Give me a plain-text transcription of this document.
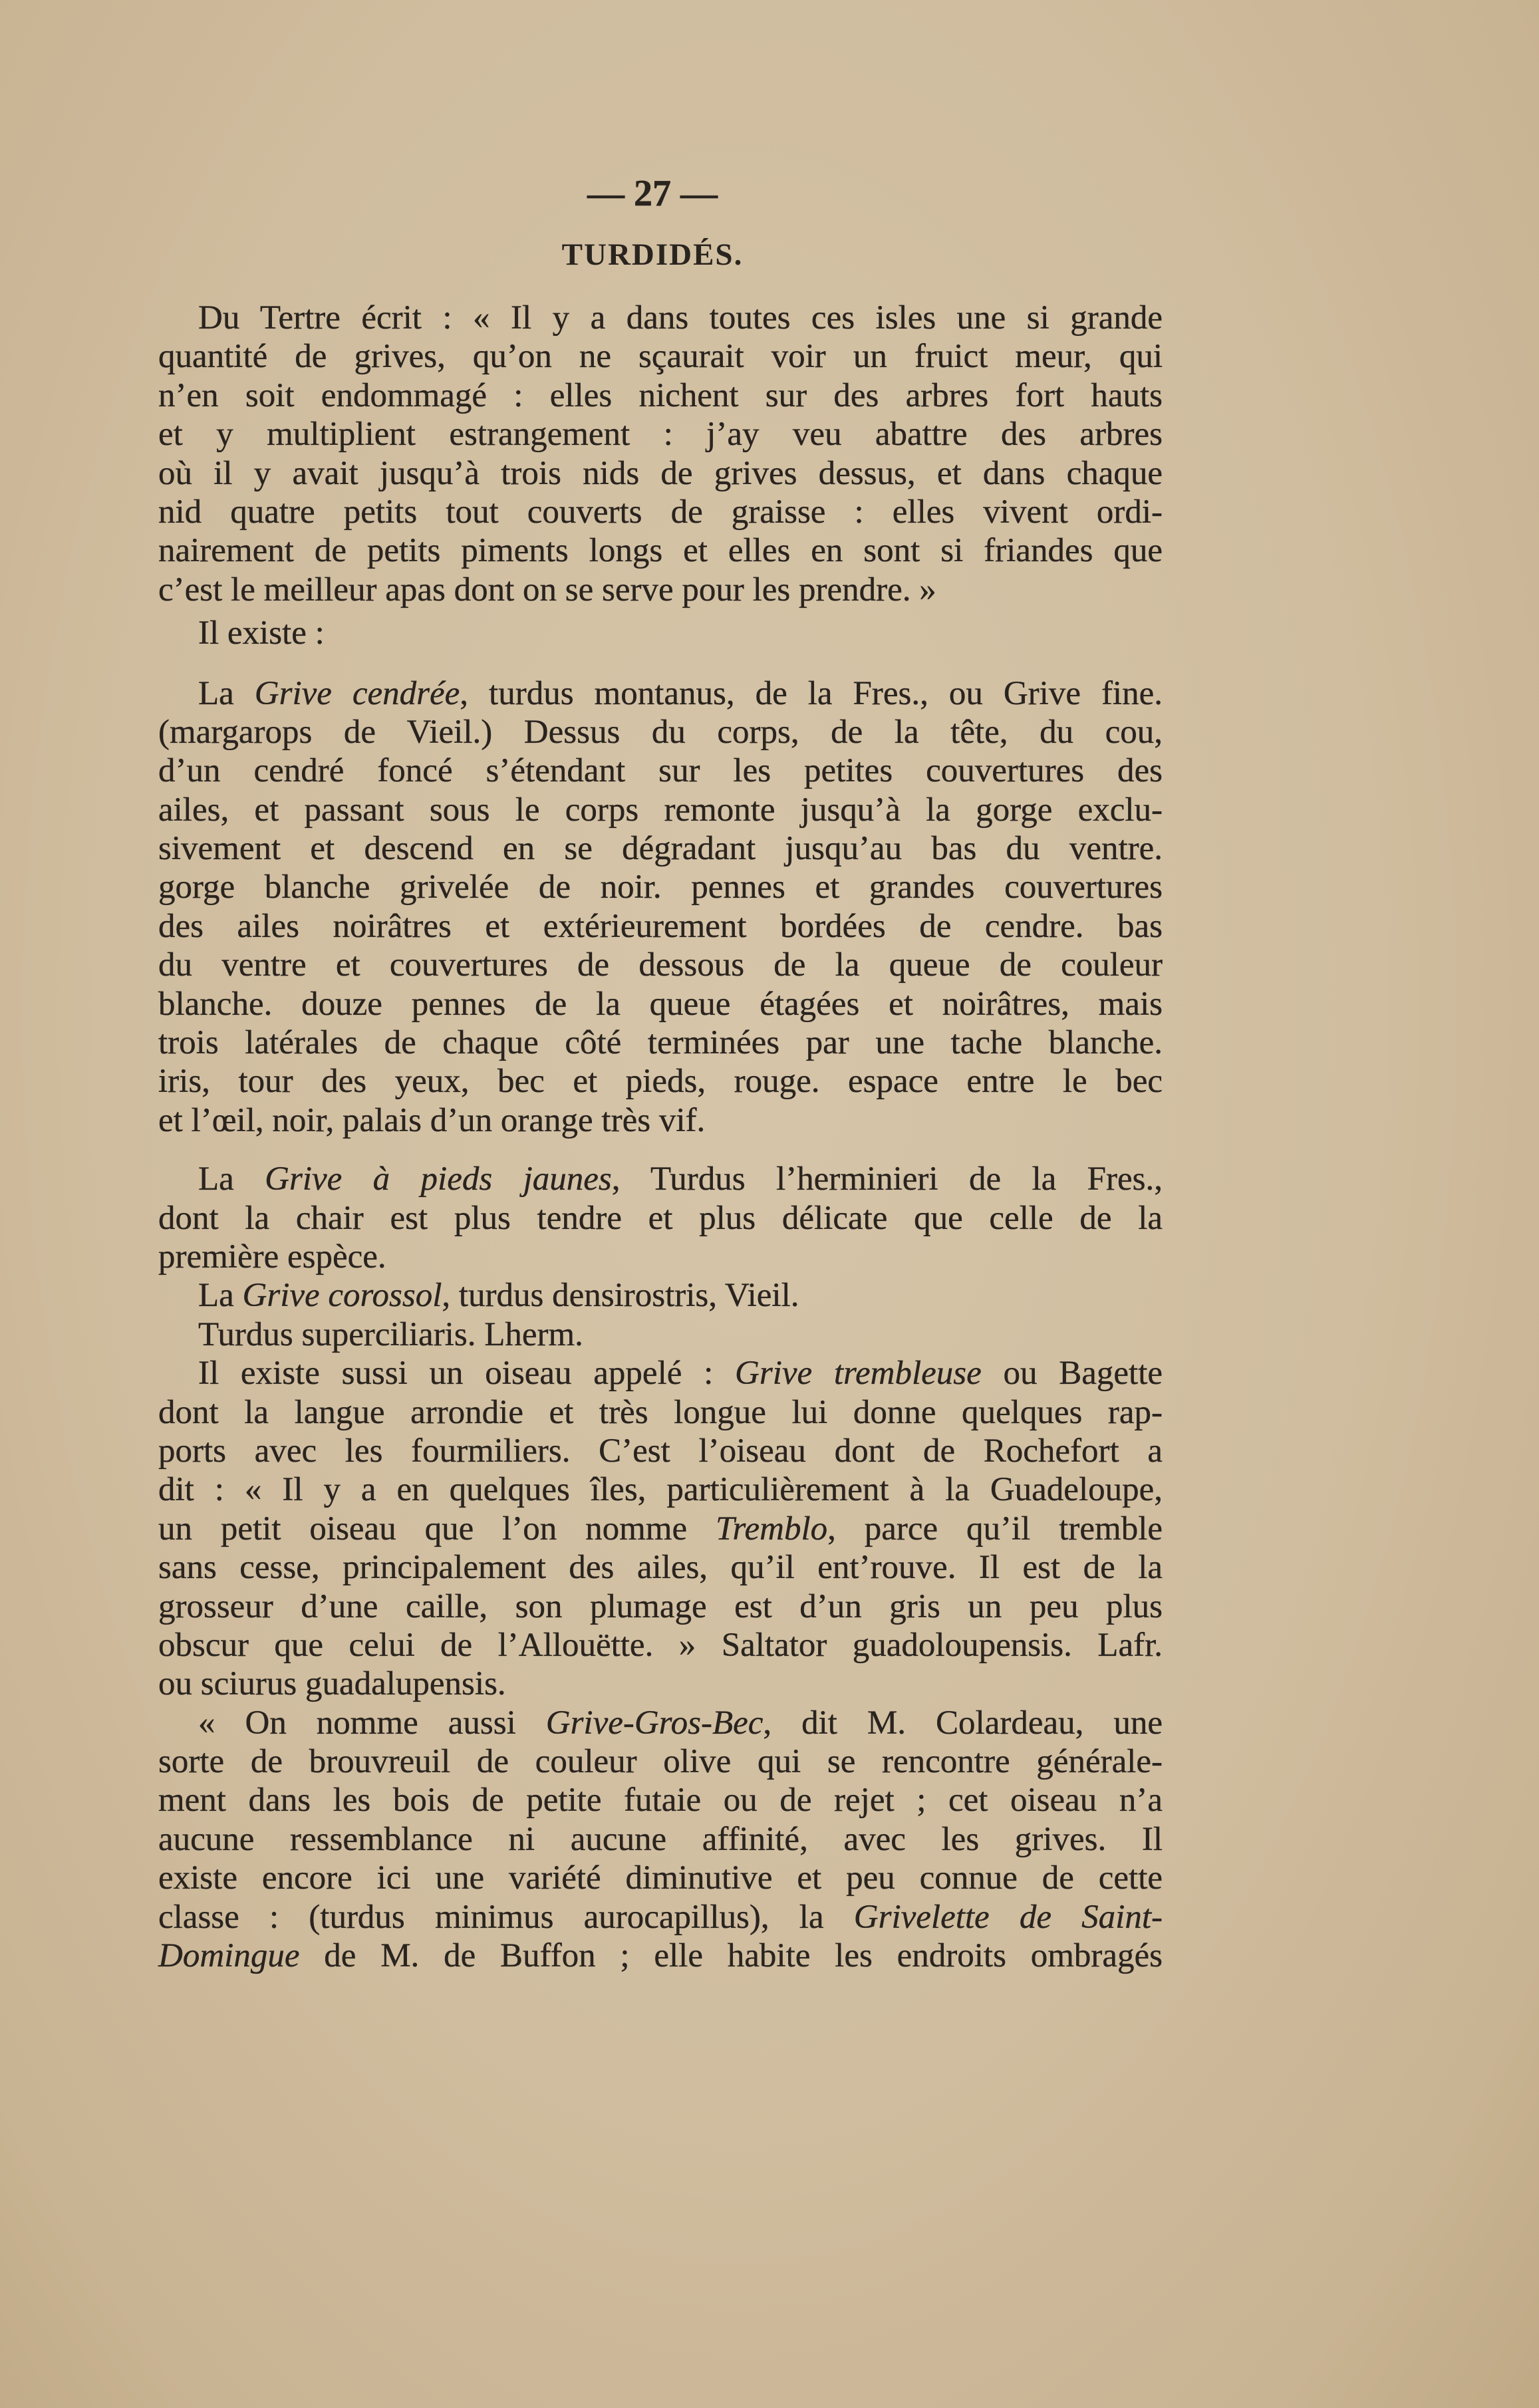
— 27 —
TURDIDÉS.
Du Tertre écrit : « Il y a dans toutes ces isles une si grande
quantité de grives, qu’on ne sçaurait voir un fruict meur, qui
n’en soit endommagé : elles nichent sur des arbres fort hauts
et y multiplient estrangement : j’ay veu abattre des arbres
où il y avait jusqu’à trois nids de grives dessus, et dans chaque
nid quatre petits tout couverts de graisse : elles vivent ordi-
nairement de petits piments longs et elles en sont si friandes que
c’est le meilleur apas dont on se serve pour les prendre. »
Il existe :
La Grive cendrée, turdus montanus, de la Fres., ou Grive fine.
(margarops de Vieil.) Dessus du corps, de la tête, du cou,
d’un cendré foncé s’étendant sur les petites couvertures des
ailes, et passant sous le corps remonte jusqu’à la gorge exclu-
sivement et descend en se dégradant jusqu’au bas du ventre.
gorge blanche grivelée de noir. pennes et grandes couvertures
des ailes noirâtres et extérieurement bordées de cendre. bas
du ventre et couvertures de dessous de la queue de couleur
blanche. douze pennes de la queue étagées et noirâtres, mais
trois latérales de chaque côté terminées par une tache blanche.
iris, tour des yeux, bec et pieds, rouge. espace entre le bec
et l’œil, noir, palais d’un orange très vif.
La Grive à pieds jaunes, Turdus l’herminieri de la Fres.,
dont la chair est plus tendre et plus délicate que celle de la
première espèce.
La Grive corossol, turdus densirostris, Vieil.
Turdus superciliaris. Lherm.
Il existe sussi un oiseau appelé : Grive trembleuse ou Bagette
dont la langue arrondie et très longue lui donne quelques rap-
ports avec les fourmiliers. C’est l’oiseau dont de Rochefort a
dit : « Il y a en quelques îles, particulièrement à la Guadeloupe,
un petit oiseau que l’on nomme Tremblo, parce qu’il tremble
sans cesse, principalement des ailes, qu’il ent’rouve. Il est de la
grosseur d’une caille, son plumage est d’un gris un peu plus
obscur que celui de l’Allouëtte. » Saltator guadoloupensis. Lafr.
ou sciurus guadalupensis.
« On nomme aussi Grive-Gros-Bec, dit M. Colardeau, une
sorte de brouvreuil de couleur olive qui se rencontre générale-
ment dans les bois de petite futaie ou de rejet ; cet oiseau n’a
aucune ressemblance ni aucune affinité, avec les grives. Il
existe encore ici une variété diminutive et peu connue de cette
classe : (turdus minimus aurocapillus), la Grivelette de Saint-
Domingue de M. de Buffon ; elle habite les endroits ombragés
